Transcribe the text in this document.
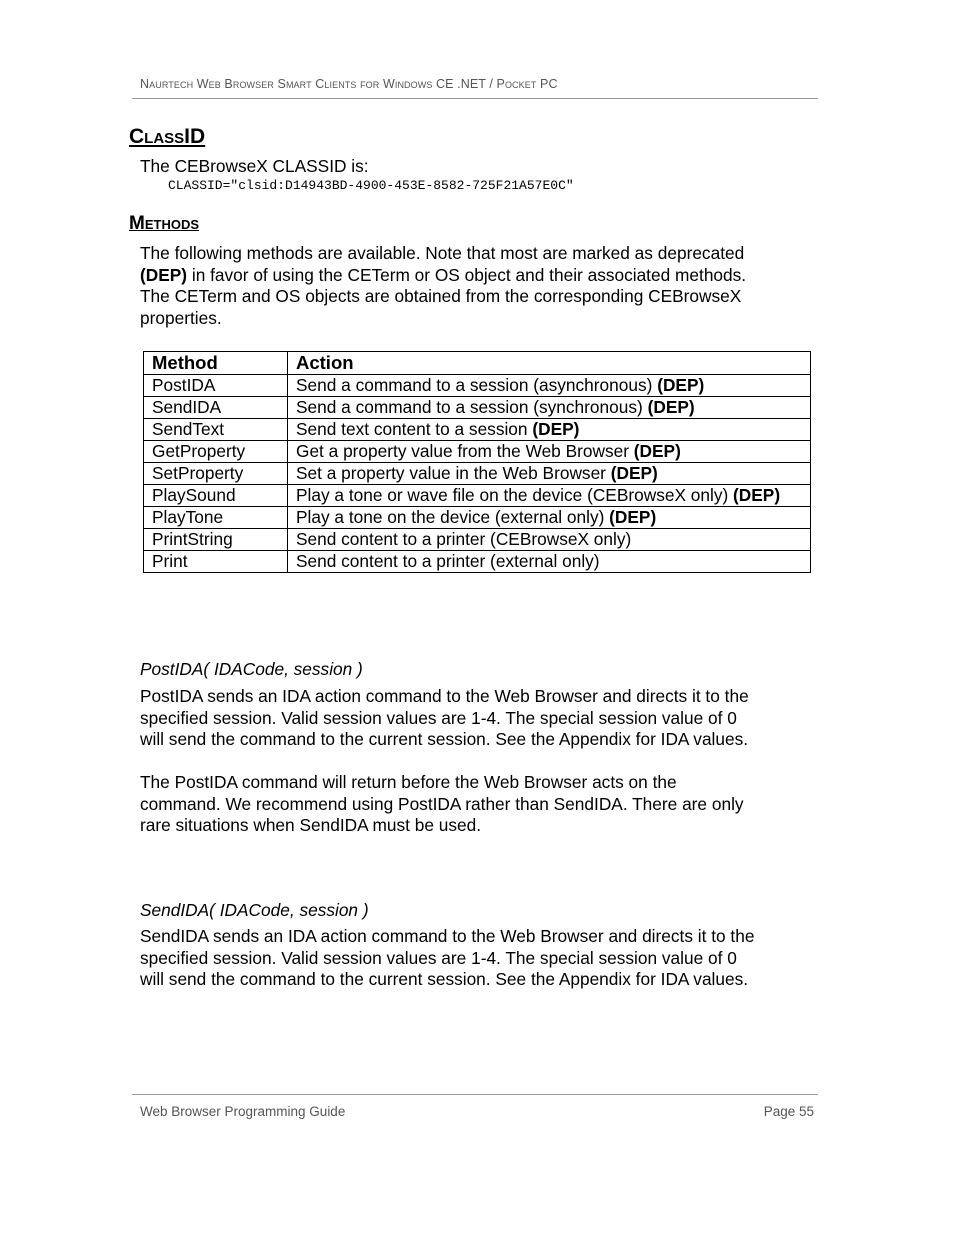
Naurtech Web Browser Smart Clients for Windows CE .NET / Pocket PC
ClassID
The CEBrowseX CLASSID is:
CLASSID="clsid:D14943BD-4900-453E-8582-725F21A57E0C"
Methods
The following methods are available. Note that most are marked as deprecated
(DEP) in favor of using the CETerm or OS object and their associated methods.
The CETerm and OS objects are obtained from the corresponding CEBrowseX
properties.
Method	Action
PostIDA	Send a command to a session (asynchronous) (DEP)
SendIDA	Send a command to a session (synchronous) (DEP)
SendText	Send text content to a session (DEP)
GetProperty	Get a property value from the Web Browser (DEP)
SetProperty	Set a property value in the Web Browser (DEP)
PlaySound	Play a tone or wave file on the device (CEBrowseX only) (DEP)
PlayTone	Play a tone on the device (external only) (DEP)
PrintString	Send content to a printer (CEBrowseX only)
Print	Send content to a printer (external only)
PostIDA( IDACode, session )
PostIDA sends an IDA action command to the Web Browser and directs it to the
specified session. Valid session values are 1-4. The special session value of 0
will send the command to the current session. See the Appendix for IDA values.
The PostIDA command will return before the Web Browser acts on the
command. We recommend using PostIDA rather than SendIDA. There are only
rare situations when SendIDA must be used.
SendIDA( IDACode, session )
SendIDA sends an IDA action command to the Web Browser and directs it to the
specified session. Valid session values are 1-4. The special session value of 0
will send the command to the current session. See the Appendix for IDA values.
Web Browser Programming Guide	Page 55
